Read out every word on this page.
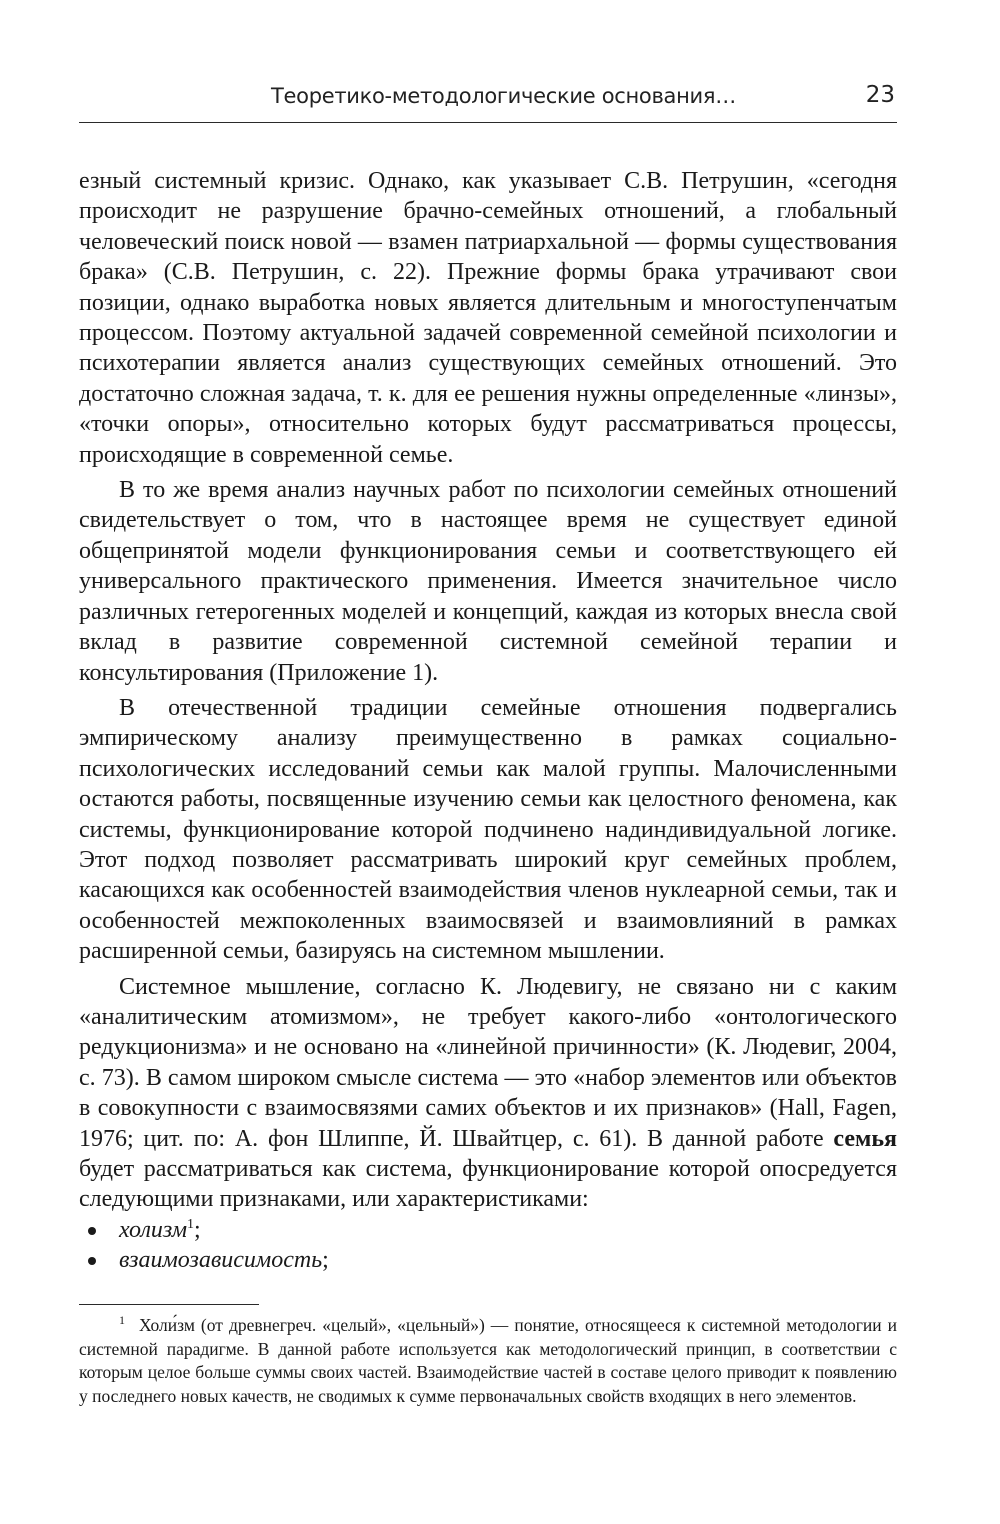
Теоретико-методологические основания…	23

езный системный кризис. Однако, как указывает С.В. Петрушин, «сегодня происходит не разрушение брачно-семейных отношений, а глобальный человеческий поиск новой — взамен патриархальной — формы существования брака» (С.В. Петрушин, с. 22). Прежние формы брака утрачивают свои позиции, однако выработка новых является длительным и многоступенчатым процессом. Поэтому актуальной задачей современной семейной психологии и психотерапии является анализ существующих семейных отношений. Это достаточно сложная задача, т. к. для ее решения нужны определенные «линзы», «точки опоры», относительно которых будут рассматриваться процессы, происходящие в современной семье.

В то же время анализ научных работ по психологии семейных отношений свидетельствует о том, что в настоящее время не существует единой общепринятой модели функционирования семьи и соответствующего ей универсального практического применения. Имеется значительное число различных гетерогенных моделей и концепций, каждая из которых внесла свой вклад в развитие современной системной семейной терапии и консультирования (Приложение 1).

В отечественной традиции семейные отношения подвергались эмпирическому анализу преимущественно в рамках социально-психологических исследований семьи как малой группы. Малочисленными остаются работы, посвященные изучению семьи как целостного феномена, как системы, функционирование которой подчинено надиндивидуальной логике. Этот подход позволяет рассматривать широкий круг семейных проблем, касающихся как особенностей взаимодействия членов нуклеарной семьи, так и особенностей межпоколенных взаимосвязей и взаимовлияний в рамках расширенной семьи, базируясь на системном мышлении.

Системное мышление, согласно К. Людевигу, не связано ни с каким «аналитическим атомизмом», не требует какого-либо «онтологического редукционизма» и не основано на «линейной причинности» (К. Людевиг, 2004, с. 73). В самом широком смысле система — это «набор элементов или объектов в совокупности с взаимосвязями самих объектов и их признаков» (Hall, Fagen, 1976; цит. по: А. фон Шлиппе, Й. Швайтцер, с. 61). В данной работе семья будет рассматриваться как система, функционирование которой опосредуется следующими признаками, или характеристиками:

холизм$^1$;
взаимозависимость;
$^1$ Холи́зм (от древнегреч. «целый», «цельный») — понятие, относящееся к системной методологии и системной парадигме. В данной работе используется как методологический принцип, в соответствии с которым целое больше суммы своих частей. Взаимодействие частей в составе целого приводит к появлению у последнего новых качеств, не сводимых к сумме первоначальных свойств входящих в него элементов.
